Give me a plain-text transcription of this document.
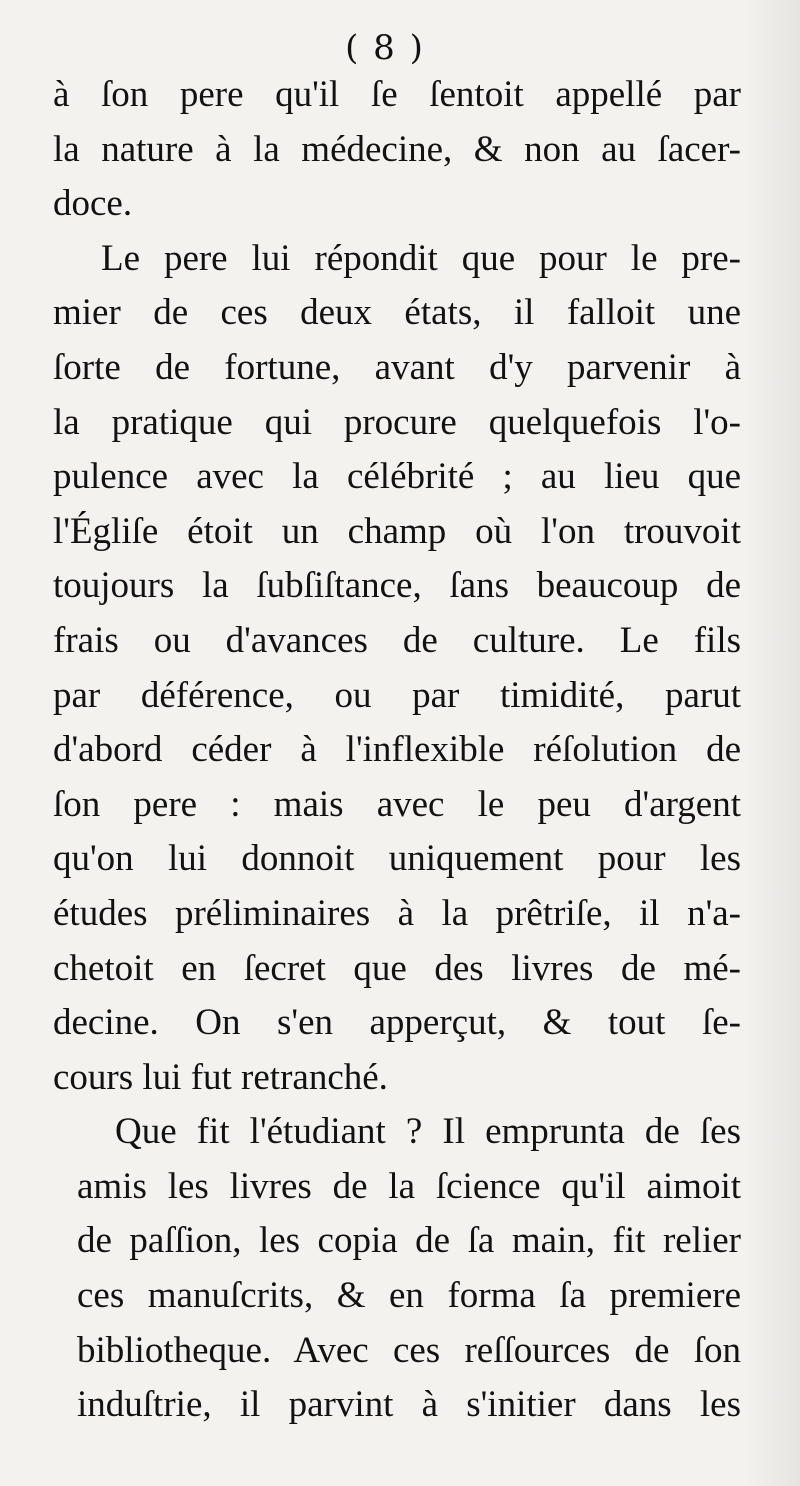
( 8 )
à ſon pere qu'il ſe ſentoit appellé par
la nature à la médecine, & non au ſacer-
doce.
Le pere lui répondit que pour le pre-
mier de ces deux états, il falloit une
ſorte de fortune, avant d'y parvenir à
la pratique qui procure quelquefois l'o-
pulence avec la célébrité ; au lieu que
l'Égliſe étoit un champ où l'on trouvoit
toujours la ſubſiſtance, ſans beaucoup de
frais ou d'avances de culture. Le fils
par déférence, ou par timidité, parut
d'abord céder à l'inflexible réſolution de
ſon pere : mais avec le peu d'argent
qu'on lui donnoit uniquement pour les
études préliminaires à la prêtriſe, il n'a-
chetoit en ſecret que des livres de mé-
decine. On s'en apperçut, & tout ſe-
cours lui fut retranché.
Que fit l'étudiant ? Il emprunta de ſes
amis les livres de la ſcience qu'il aimoit
de paſſion, les copia de ſa main, fit relier
ces manuſcrits, & en forma ſa premiere
bibliotheque. Avec ces reſſources de ſon
induſtrie, il parvint à s'initier dans les
